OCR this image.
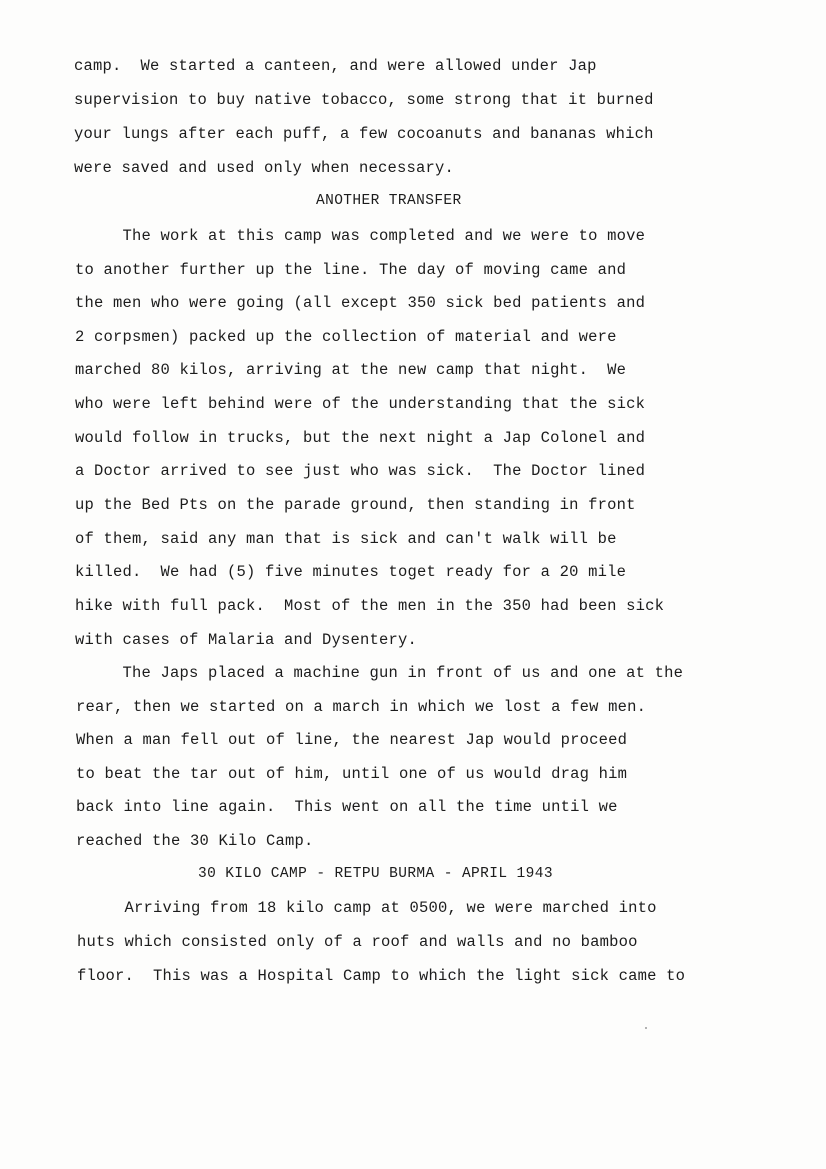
camp.  We started a canteen, and were allowed under Jap
supervision to buy native tobacco, some strong that it burned
your lungs after each puff, a few cocoanuts and bananas which
were saved and used only when necessary.
ANOTHER TRANSFER
The work at this camp was completed and we were to move
to another further up the line. The day of moving came and
the men who were going (all except 350 sick bed patients and
2 corpsmen) packed up the collection of material and were
marched 80 kilos, arriving at the new camp that night.  We
who were left behind were of the understanding that the sick
would follow in trucks, but the next night a Jap Colonel and
a Doctor arrived to see just who was sick.  The Doctor lined
up the Bed Pts on the parade ground, then standing in front
of them, said any man that is sick and can't walk will be
killed.  We had (5) five minutes toget ready for a 20 mile
hike with full pack.  Most of the men in the 350 had been sick
with cases of Malaria and Dysentery.
The Japs placed a machine gun in front of us and one at the
rear, then we started on a march in which we lost a few men.
When a man fell out of line, the nearest Jap would proceed
to beat the tar out of him, until one of us would drag him
back into line again.  This went on all the time until we
reached the 30 Kilo Camp.
30 KILO CAMP - RETPU BURMA - APRIL 1943
Arriving from 18 kilo camp at 0500, we were marched into
huts which consisted only of a roof and walls and no bamboo
floor.  This was a Hospital Camp to which the light sick came to
